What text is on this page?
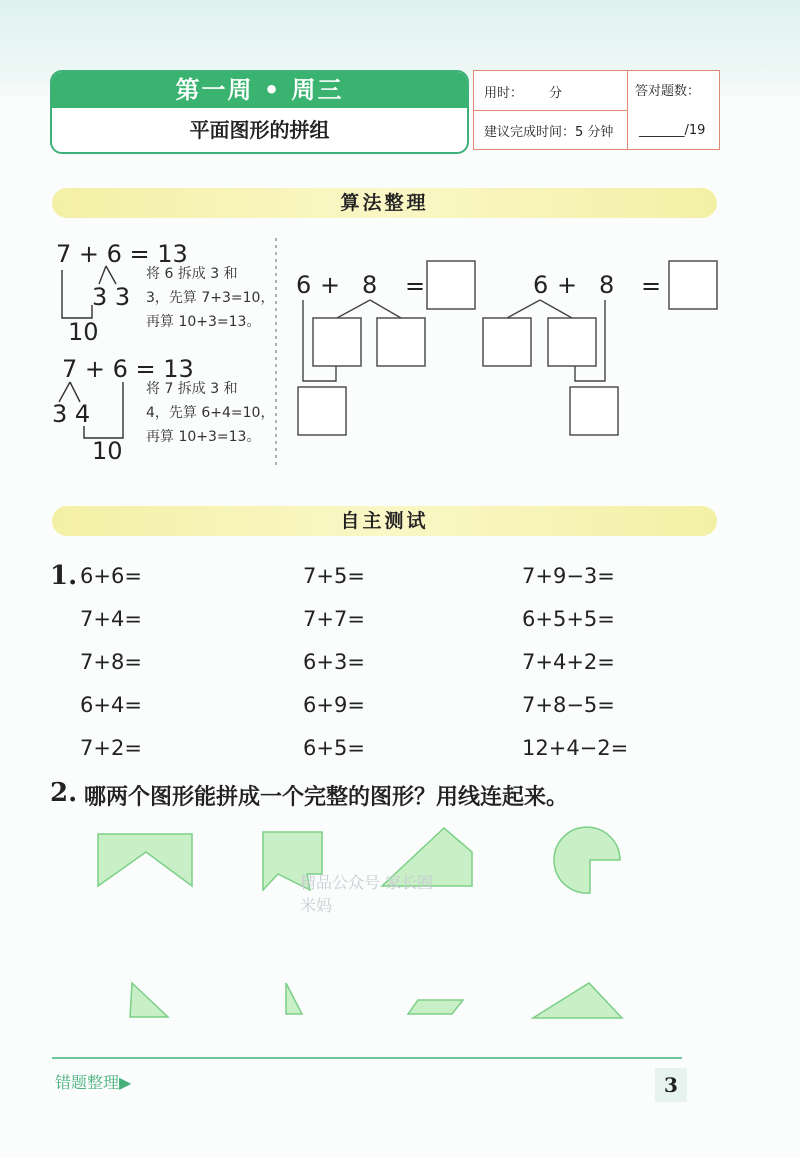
第一周 • 周三
平面图形的拼组
用时： 分
建议完成时间：5 分钟
答对题数：
_______/19
算法整理
7 + 6 = 13
3 3
10
将 6 拆成 3 和
3，先算 7+3=10，
再算 10+3=13。
7 + 6 = 13
3 4
10
将 7 拆成 3 和
4，先算 6+4=10，
再算 10+3=13。
6 + 8 =	6 + 8 =
自主测试
1. 6+6=	7+5=	7+9−3=
7+4=	7+7=	6+5+5=
7+8=	6+3=	7+4+2=
6+4=	6+9=	7+8−5=
7+2=	6+5=	12+4−2=
2. 哪两个图形能拼成一个完整的图形？用线连起来。
精品公众号 家长圈 米妈
错题整理▶	3
